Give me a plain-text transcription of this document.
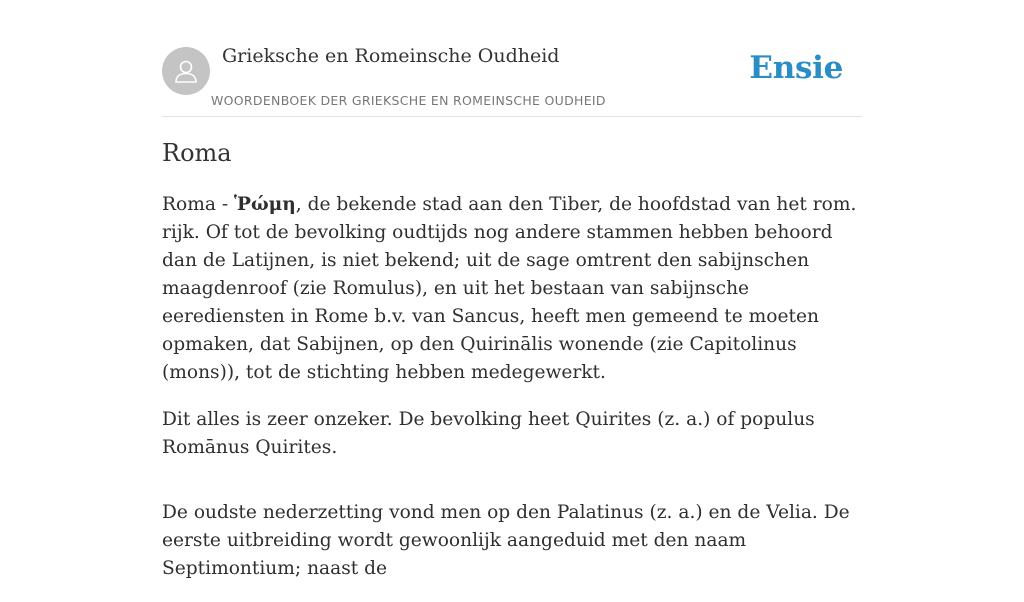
Grieksche en Romeinsche Oudheid
WOORDENBOEK DER GRIEKSCHE EN ROMEINSCHE OUDHEID
Ensie
Roma

Roma - Ῥώμη, de bekende stad aan den Tiber, de hoofdstad van het rom. rijk. Of tot de bevolking oudtijds nog andere stammen hebben behoord dan de Latijnen, is niet bekend; uit de sage omtrent den sabijnschen maagdenroof (zie Romulus), en uit het bestaan van sabijnsche eerediensten in Rome b.v. van Sancus, heeft men gemeend te moeten opmaken, dat Sabijnen, op den Quirinālis wonende (zie Capitolinus (mons)), tot de stichting hebben medegewerkt.

Dit alles is zeer onzeker. De bevolking heet Quirites (z. a.) of populus Romānus Quirites.

De oudste nederzetting vond men op den Palatinus (z. a.) en de Velia. De eerste uitbreiding wordt gewoonlijk aangeduid met den naam Septimontium; naast de
